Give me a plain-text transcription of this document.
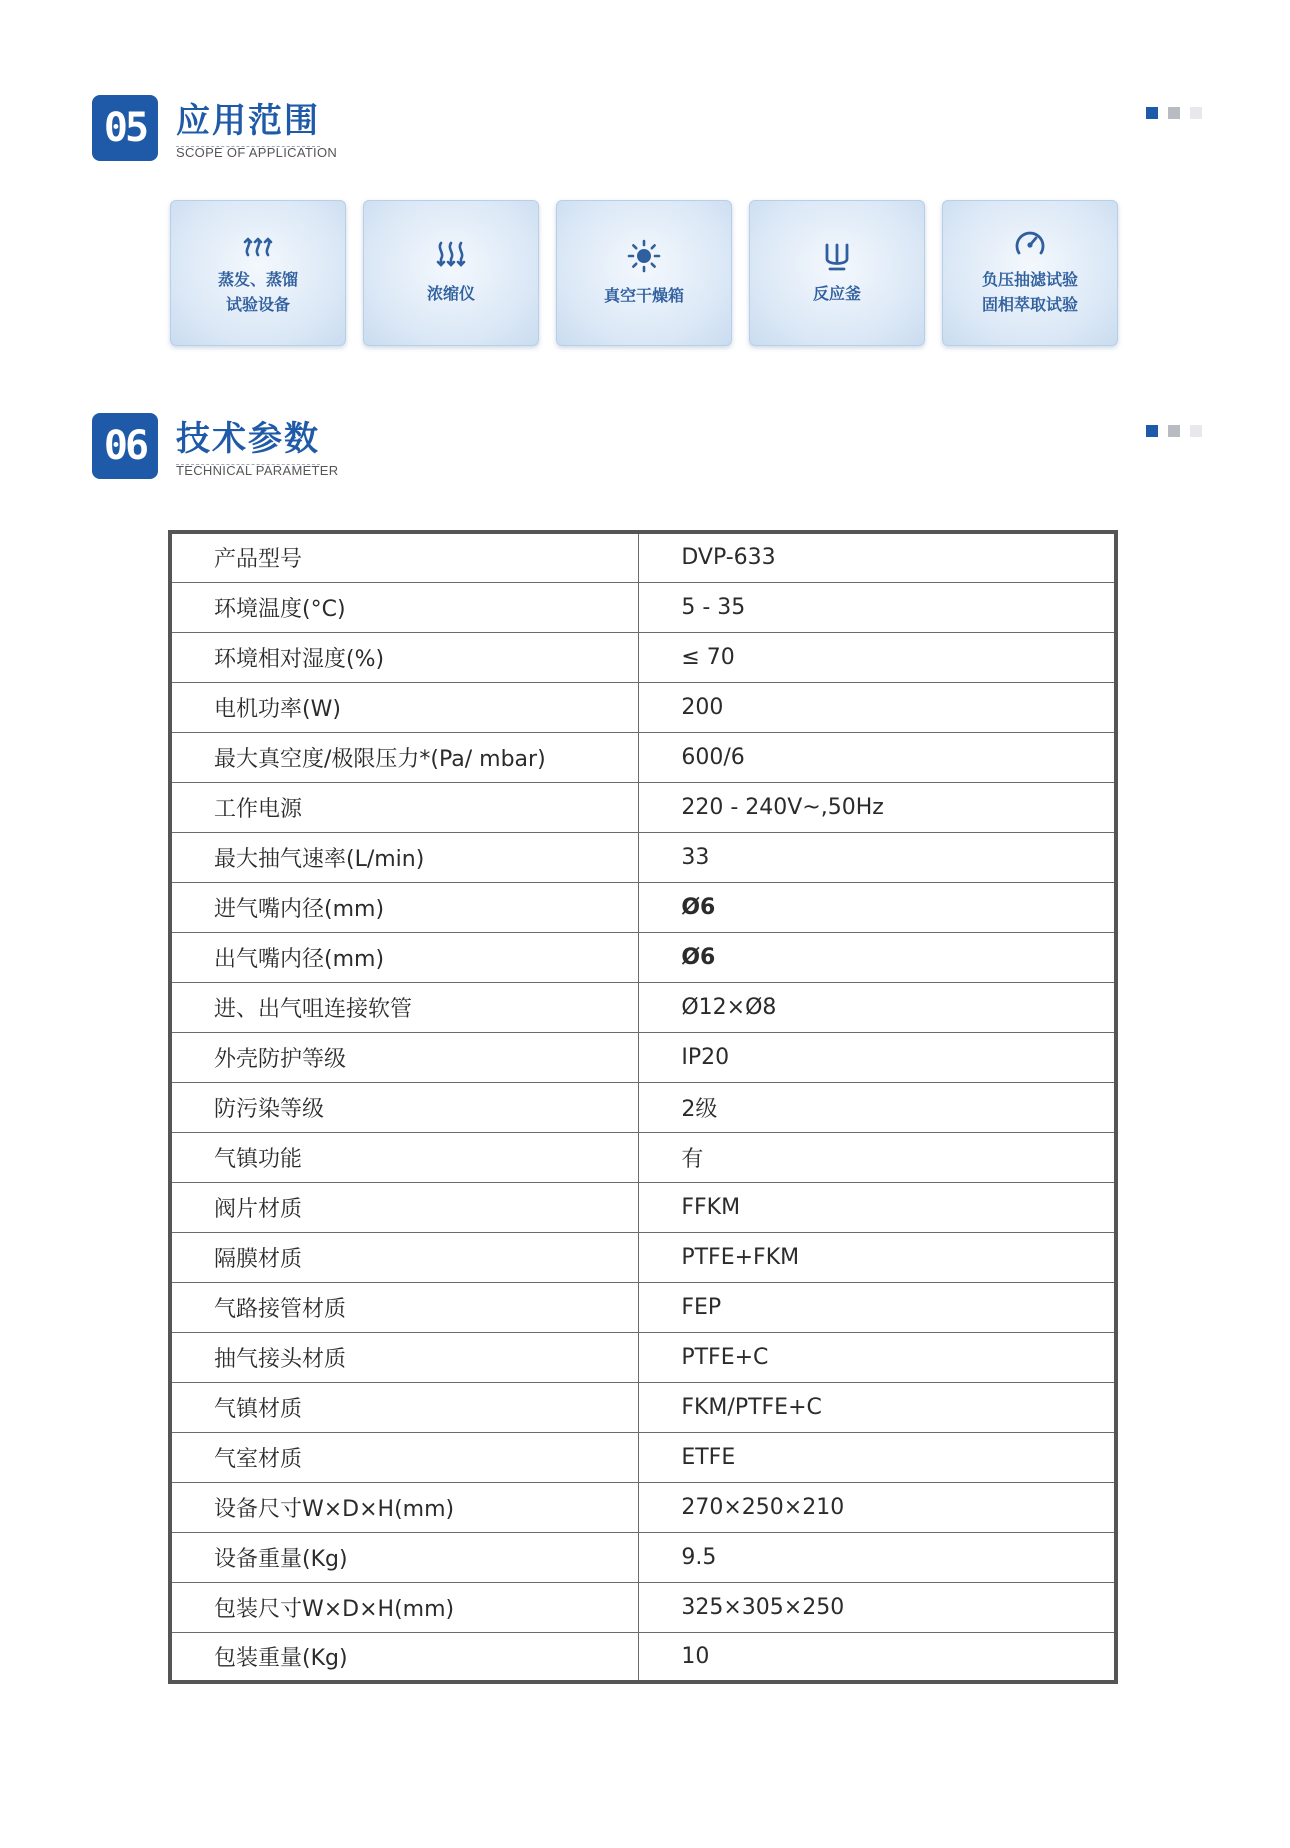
05 应用范围
SCOPE OF APPLICATION
蒸发、蒸馏
试验设备
浓缩仪	真空干燥箱	反应釜
负压抽滤试验
固相萃取试验
06 技术参数
TECHNICAL PARAMETER
产品型号	DVP-633
环境温度(°C)	5 - 35
环境相对湿度(%)	≤ 70
电机功率(W)	200
最大真空度/极限压力*(Pa/ mbar)	600/6
工作电源	220 - 240V~,50Hz
最大抽气速率(L/min)	33
进气嘴内径(mm)	Ø6
出气嘴内径(mm)	Ø6
进、出气咀连接软管	Ø12×Ø8
外壳防护等级	IP20
防污染等级	2级
气镇功能	有
阀片材质	FFKM
隔膜材质	PTFE+FKM
气路接管材质	FEP
抽气接头材质	PTFE+C
气镇材质	FKM/PTFE+C
气室材质	ETFE
设备尺寸W×D×H(mm)	270×250×210
设备重量(Kg)	9.5
包装尺寸W×D×H(mm)	325×305×250
包装重量(Kg)	10
